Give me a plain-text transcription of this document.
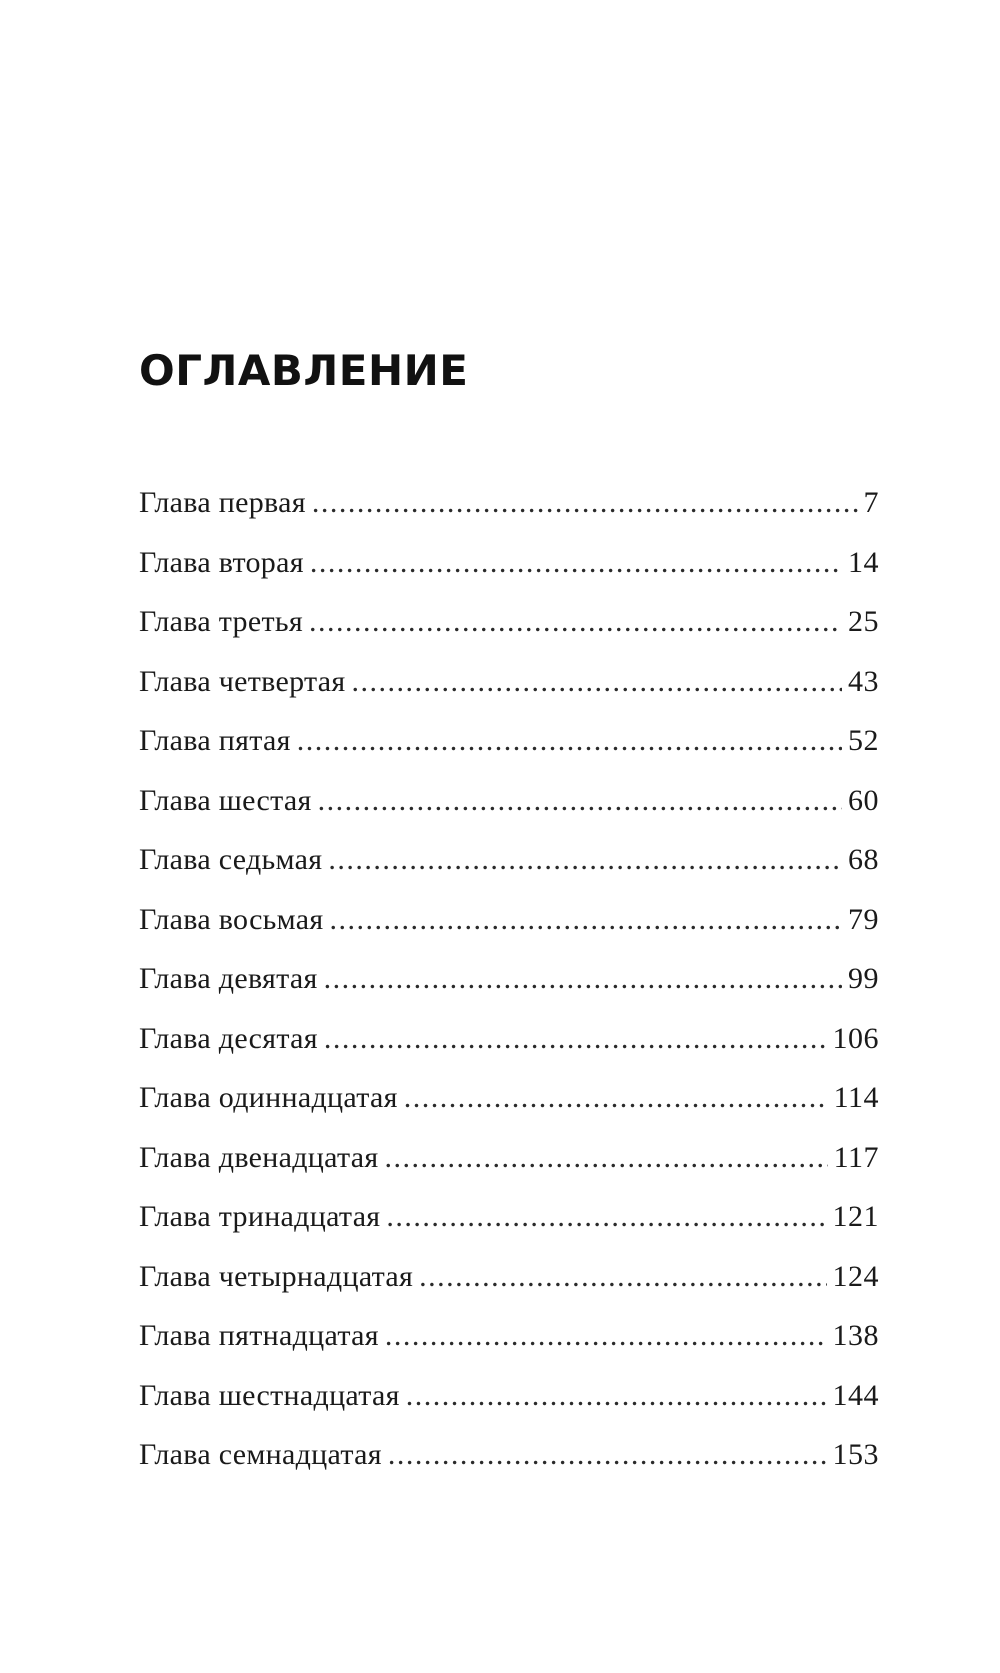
ОГЛАВЛЕНИЕ
Глава первая .....	7
Глава вторая .....	14
Глава третья .....	25
Глава четвертая .....	43
Глава пятая .....	52
Глава шестая .....	60
Глава седьмая .....	68
Глава восьмая .....	79
Глава девятая .....	99
Глава десятая .....	106
Глава одиннадцатая .....	114
Глава двенадцатая .....	117
Глава тринадцатая .....	121
Глава четырнадцатая .....	124
Глава пятнадцатая .....	138
Глава шестнадцатая .....	144
Глава семнадцатая .....	153
